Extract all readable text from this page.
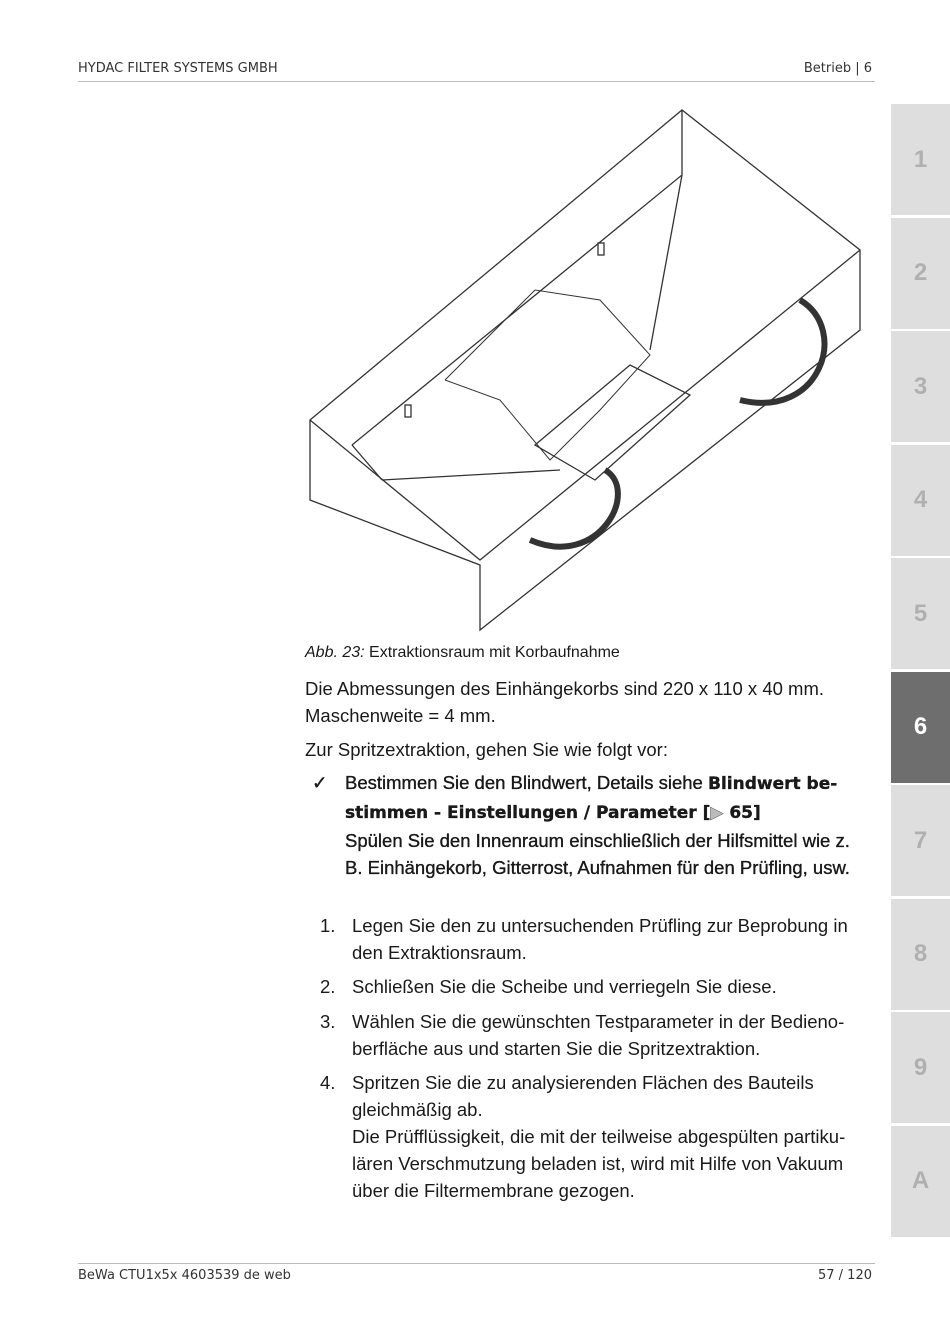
HYDAC FILTER SYSTEMS GMBH	Betrieb | 6
1
2
3
4
5
6
7
8
9
A
Abb. 23: Extraktionsraum mit Korbaufnahme
Die Abmessungen des Einhängekorbs sind 220 x 110 x 40 mm.
Maschenweite = 4 mm.
Zur Spritzextraktion, gehen Sie wie folgt vor:
✓ Bestimmen Sie den Blindwert, Details siehe Blindwert be- stimmen - Einstellungen / Parameter [▶ 65]
Spülen Sie den Innenraum einschließlich der Hilfsmittel wie z. B. Einhängekorb, Gitterrost, Aufnahmen für den Prüfling, usw.
1. Legen Sie den zu untersuchenden Prüfling zur Beprobung in den Extraktionsraum.
2. Schließen Sie die Scheibe und verriegeln Sie diese.
3. Wählen Sie die gewünschten Testparameter in der Bedieno-berfläche aus und starten Sie die Spritzextraktion.
4. Spritzen Sie die zu analysierenden Flächen des Bauteils gleichmäßig ab.
Die Prüfflüssigkeit, die mit der teilweise abgespülten partiku-lären Verschmutzung beladen ist, wird mit Hilfe von Vakuum über die Filtermembrane gezogen.
BeWa CTU1x5x 4603539 de web	57 / 120
